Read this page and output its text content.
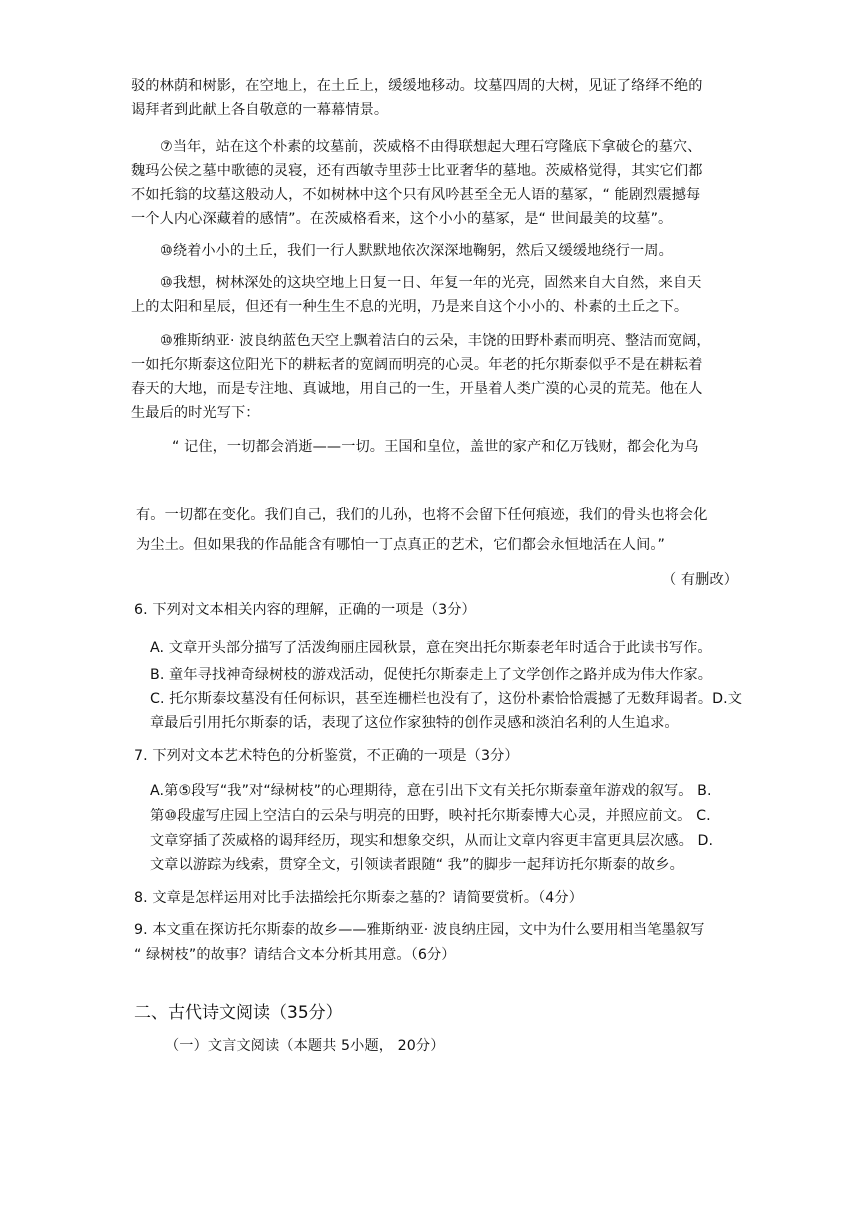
驳的林荫和树影，在空地上，在土丘上，缓缓地移动。坟墓四周的大树，见证了络绎不绝的
谒拜者到此献上各自敬意的一幕幕情景。
⑦当年，站在这个朴素的坟墓前，茨威格不由得联想起大理石穹隆底下拿破仑的墓穴、
魏玛公侯之墓中歌德的灵寝，还有西敏寺里莎士比亚奢华的墓地。茨威格觉得，其实它们都
不如托翁的坟墓这般动人，不如树林中这个只有风吟甚至全无人语的墓冢，“ 能剧烈震撼每
一个人内心深藏着的感情”。在茨威格看来，这个小小的墓冢，是“ 世间最美的坟墓”。
⑩绕着小小的土丘，我们一行人默默地依次深深地鞠躬，然后又缓缓地绕行一周。
⑩我想，树林深处的这块空地上日复一日、年复一年的光亮，固然来自大自然，来自天
上的太阳和星辰，但还有一种生生不息的光明，乃是来自这个小小的、朴素的土丘之下。
⑩雅斯纳亚· 波良纳蓝色天空上飘着洁白的云朵，丰饶的田野朴素而明亮、整洁而宽阔，
一如托尔斯泰这位阳光下的耕耘者的宽阔而明亮的心灵。年老的托尔斯泰似乎不是在耕耘着
春天的大地，而是专注地、真诚地，用自己的一生，开垦着人类广漠的心灵的荒芜。他在人
生最后的时光写下：
“ 记住，一切都会消逝——一切。王国和皇位，盖世的家产和亿万钱财，都会化为乌
有。一切都在变化。我们自己，我们的儿孙，也将不会留下任何痕迹，我们的骨头也将会化
为尘土。但如果我的作品能含有哪怕一丁点真正的艺术，它们都会永恒地活在人间。”
（ 有删改）
6. 下列对文本相关内容的理解，正确的一项是（3分）
A. 文章开头部分描写了活泼绚丽庄园秋景，意在突出托尔斯泰老年时适合于此读书写作。
B. 童年寻找神奇绿树枝的游戏活动，促使托尔斯泰走上了文学创作之路并成为伟大作家。
C. 托尔斯泰坟墓没有任何标识，甚至连栅栏也没有了，这份朴素恰恰震撼了无数拜谒者。D.文
章最后引用托尔斯泰的话，表现了这位作家独特的创作灵感和淡泊名利的人生追求。
7. 下列对文本艺术特色的分析鉴赏，不正确的一项是（3分）
A.第⑤段写“我”对“绿树枝”的心理期待，意在引出下文有关托尔斯泰童年游戏的叙写。 B.
第⑩段虚写庄园上空洁白的云朵与明亮的田野，映衬托尔斯泰博大心灵，并照应前文。 C.
文章穿插了茨威格的谒拜经历，现实和想象交织，从而让文章内容更丰富更具层次感。 D.
文章以游踪为线索，贯穿全文，引领读者跟随“ 我”的脚步一起拜访托尔斯泰的故乡。
8. 文章是怎样运用对比手法描绘托尔斯泰之墓的？请简要赏析。（4分）
9. 本文重在探访托尔斯泰的故乡——雅斯纳亚· 波良纳庄园，文中为什么要用相当笔墨叙写
“ 绿树枝”的故事？请结合文本分析其用意。（6分）
二、古代诗文阅读（35分）
（一）文言文阅读（本题共 5小题， 20分）
